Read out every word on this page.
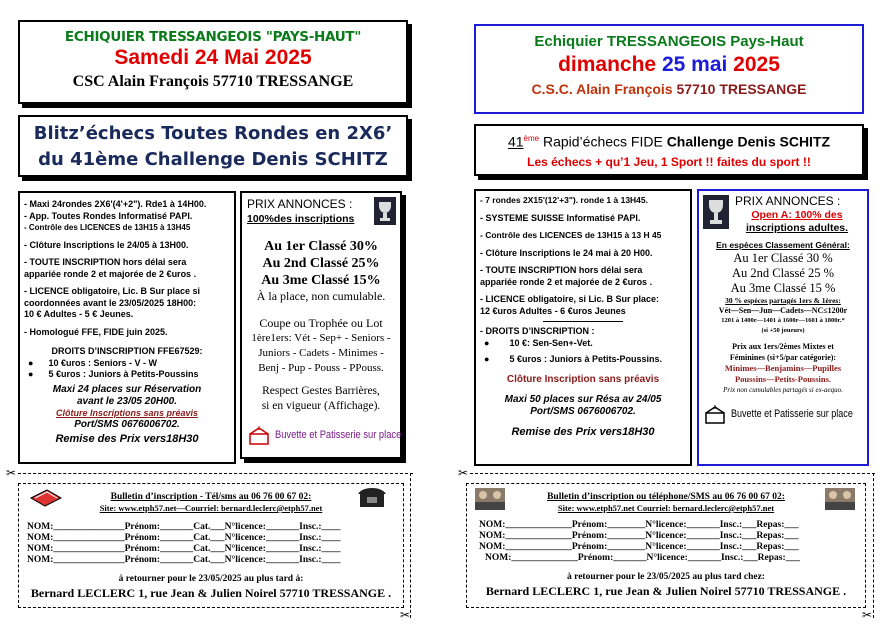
ECHIQUIER TRESSANGEOIS "PAYS-HAUT"
Samedi 24 Mai 2025
CSC Alain François 57710 TRESSANGE
Blitz’échecs Toutes Rondes en 2X6’
du 41ème Challenge Denis SCHITZ
- Maxi 24rondes 2X6'(4'+2"). Rde1 à 14H00.
- App. Toutes Rondes Informatisé PAPI.
- Contrôle des LICENCES de 13H15 à 13H45
- Clôture Inscriptions le 24/05 à 13H00.
- TOUTE INSCRIPTION hors délai sera
appariée ronde 2 et majorée de 2 €uros .
- LICENCE obligatoire, Lic. B Sur place si
coordonnées avant le 23/05/2025 18H00:
10 € Adultes - 5 € Jeunes.
- Homologué FFE, FIDE juin 2025.
DROITS D’INSCRIPTION FFE67529:
●      10 €uros : Seniors - V - W
●      5 €uros : Juniors à Petits-Poussins
Maxi 24 places sur Réservation
avant le 23/05 20H00.
Clôture Inscriptions sans préavis
Port/SMS 0676006702.
Remise des Prix vers18H30
PRIX ANNONCES :
100%des inscriptions
Au 1er Classé 30%
Au 2nd Classé 25%
Au 3me Classé 15%
À la place, non cumulable.
Coupe ou Trophée ou Lot
1ère1ers: Vét - Sep+ - Seniors -
Juniors - Cadets - Minimes -
Benj - Pup - Pouss - PPouss.
Respect Gestes Barrières,
si en vigueur (Affichage).
Buvette et Patisserie sur place
✂
✂
Bulletin d’inscription - Tél/sms au 06 76 00 67 02:
Site: www.etph57.net—Courriel: bernard.leclerc@etph57.net
NOM:_______________Prénom:_______Cat.___N°licence:_______Insc.:____
NOM:_______________Prénom:_______Cat.___N°licence:_______Insc.:____
NOM:_______________Prénom:_______Cat.___N°licence:_______Insc.:____
NOM:_______________Prénom:_______Cat.___N°licence:_______Insc.:____
à retourner pour le 23/05/2025 au plus tard à:
Bernard LECLERC 1, rue Jean & Julien Noirel 57710 TRESSANGE .
Echiquier TRESSANGEOIS Pays-Haut
dimanche 25 mai 2025
C.S.C. Alain François 57710 TRESSANGE
41ème Rapid’échecs FIDE Challenge Denis SCHITZ
Les échecs + qu’1 Jeu, 1 Sport !! faites du sport !!
- 7 rondes 2X15'(12'+3"). ronde 1 à 13H45.
- SYSTEME SUISSE Informatisé PAPI.
- Contrôle des LICENCES de 13H15 à 13 H 45
- Clôture Inscriptions le 24 mai à 20 H00.
- TOUTE INSCRIPTION hors délai sera
appariée ronde 2 et majorée de 2 €uros .
- LICENCE obligatoire, si Lic. B Sur place:
12 €uros Adultes - 6 €uros Jeunes
- DROITS D’INSCRIPTION :
●        10 €: Sen-Sen+-Vet.
●        5 €uros : Juniors à Petits-Poussins.
Clôture Inscription sans préavis
Maxi 50 places sur Résa av 24/05
Port/SMS 0676006702.
Remise des Prix vers18H30
PRIX ANNONCES :
Open A: 100% des
inscriptions adultes.
En espèces Classement Général:
Au 1er Classé 30 %
Au 2nd Classé 25 %
Au 3me Classé 15 %
30 % espèces partagés 1ers & 1ères:
Vét—Sen—Jun—Cadets—NC≤1200r
1201 à 1400r—1401 à 1600r—1601 à 1800r.*
(si +50 joueurs)
Prix aux 1ers/2èmes Mixtes et
Féminines (si+5/par catégorie):
Minimes—Benjamins—Pupilles
Poussins—Petits-Poussins.
Prix non cumulables partagés si ex-aequo.
Buvette et Patisserie sur place
✂
✂
Bulletin d’inscription ou téléphone/SMS au 06 76 00 67 02:
Site: www.etph57.net Courriel: bernard.leclerc@etph57.net
NOM:______________Prénom:________N°licence:_______Insc.:___Repas:___
NOM:______________Prénom:________N°licence:_______Insc.:___Repas:___
NOM:______________Prénom:________N°licence:_______Insc.:___Repas:___
NOM:______________Prénom:_______N°licence:_______Insc.:___Repas:___
à retourner pour le 23/05/2025 au plus tard chez:
Bernard LECLERC 1, rue Jean & Julien Noirel 57710 TRESSANGE .
